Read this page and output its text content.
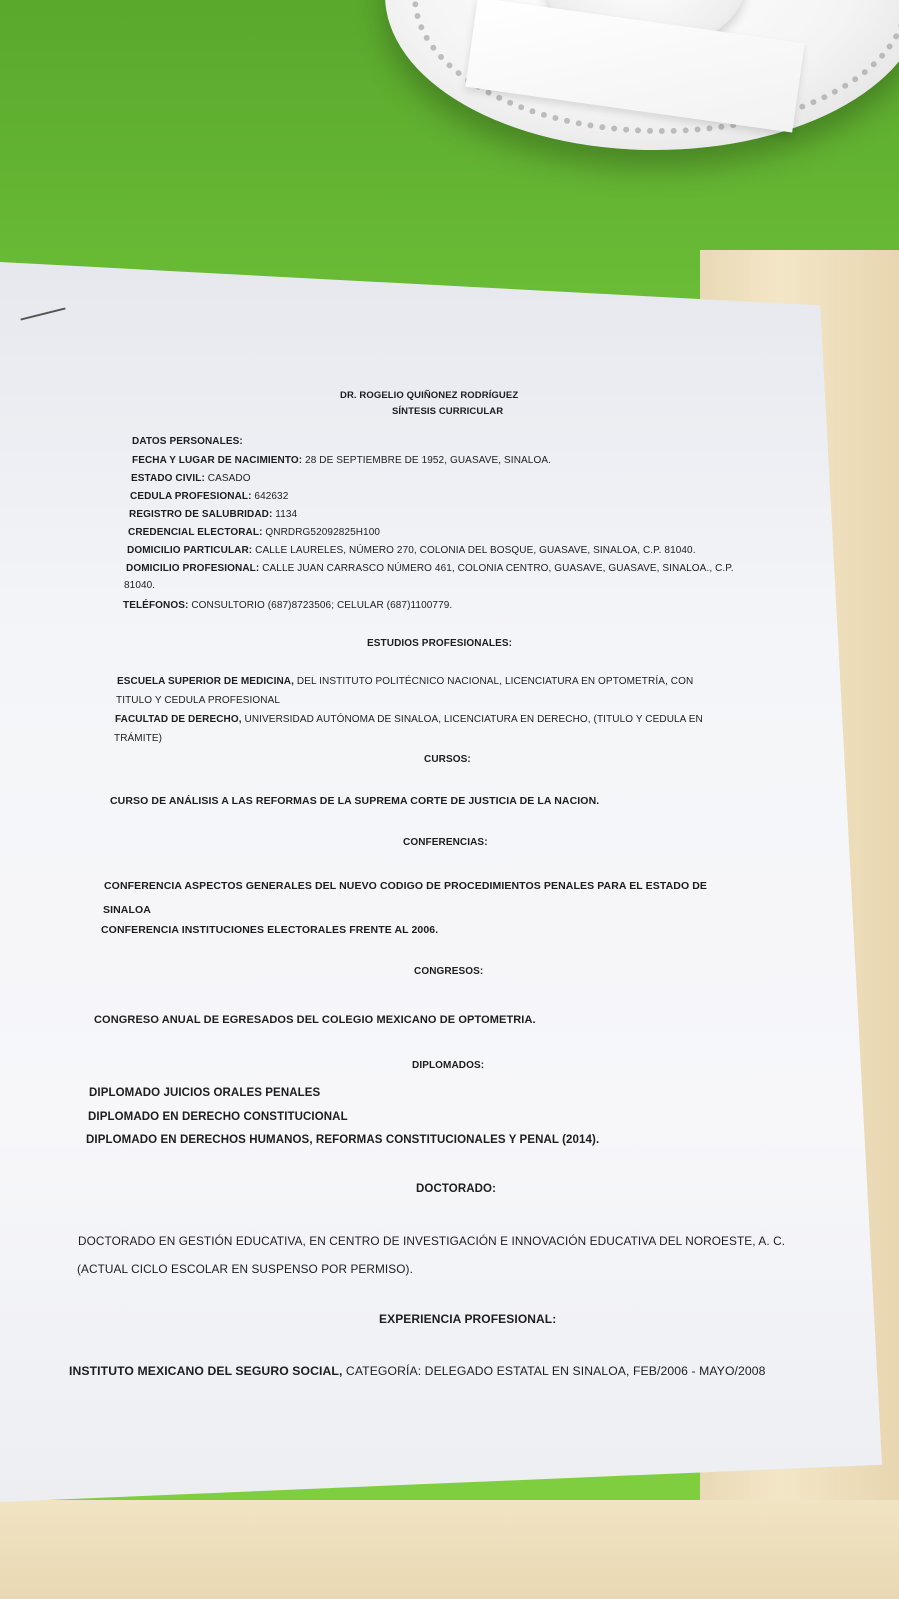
DR. ROGELIO QUIÑONEZ RODRÍGUEZ
SÍNTESIS CURRICULAR
DATOS PERSONALES:
FECHA Y LUGAR DE NACIMIENTO: 28 DE SEPTIEMBRE DE 1952, GUASAVE, SINALOA.
ESTADO CIVIL: CASADO
CEDULA PROFESIONAL: 642632
REGISTRO DE SALUBRIDAD: 1134
CREDENCIAL ELECTORAL: QNRDRG52092825H100
DOMICILIO PARTICULAR: CALLE LAURELES, NÚMERO 270, COLONIA DEL BOSQUE, GUASAVE, SINALOA, C.P. 81040.
DOMICILIO PROFESIONAL: CALLE JUAN CARRASCO NÚMERO 461, COLONIA CENTRO, GUASAVE, GUASAVE, SINALOA., C.P.
81040.
TELÉFONOS: CONSULTORIO (687)8723506; CELULAR (687)1100779.
ESTUDIOS PROFESIONALES:
ESCUELA SUPERIOR DE MEDICINA, DEL INSTITUTO POLITÉCNICO NACIONAL, LICENCIATURA EN OPTOMETRÍA, CON
TITULO Y CEDULA PROFESIONAL
FACULTAD DE DERECHO, UNIVERSIDAD AUTÓNOMA DE SINALOA, LICENCIATURA EN DERECHO, (TITULO Y CEDULA EN
TRÁMITE)
CURSOS:
CURSO DE ANÁLISIS A LAS REFORMAS DE LA SUPREMA CORTE DE JUSTICIA DE LA NACION.
CONFERENCIAS:
CONFERENCIA ASPECTOS GENERALES DEL NUEVO CODIGO DE PROCEDIMIENTOS PENALES PARA EL ESTADO DE
SINALOA
CONFERENCIA INSTITUCIONES ELECTORALES FRENTE AL 2006.
CONGRESOS:
CONGRESO ANUAL DE EGRESADOS DEL COLEGIO MEXICANO DE OPTOMETRIA.
DIPLOMADOS:
DIPLOMADO JUICIOS ORALES PENALES
DIPLOMADO EN DERECHO CONSTITUCIONAL
DIPLOMADO EN DERECHOS HUMANOS, REFORMAS CONSTITUCIONALES Y PENAL (2014).
DOCTORADO:
DOCTORADO EN GESTIÓN EDUCATIVA, EN CENTRO DE INVESTIGACIÓN E INNOVACIÓN EDUCATIVA DEL NOROESTE, A. C.
(ACTUAL CICLO ESCOLAR EN SUSPENSO POR PERMISO).
EXPERIENCIA PROFESIONAL:
INSTITUTO MEXICANO DEL SEGURO SOCIAL, CATEGORÍA: DELEGADO ESTATAL EN SINALOA, FEB/2006 - MAYO/2008
